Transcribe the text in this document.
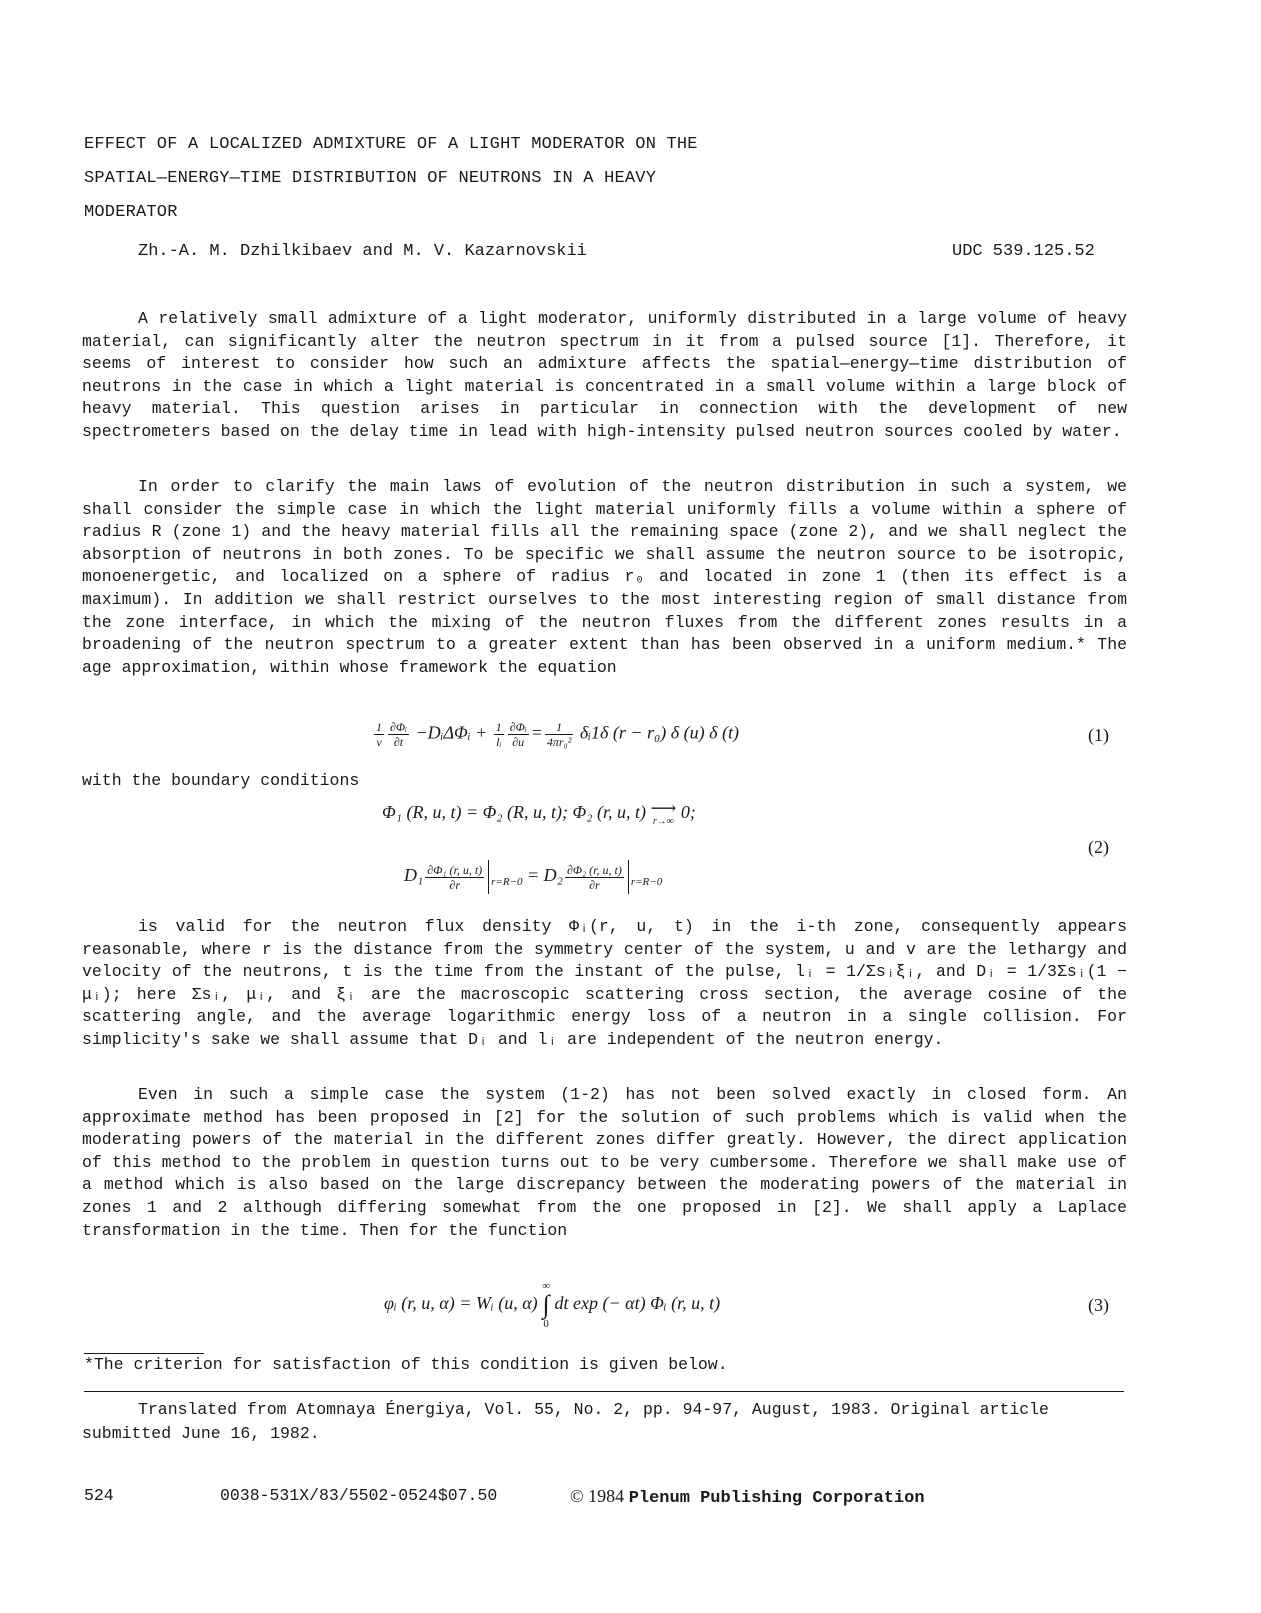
EFFECT OF A LOCALIZED ADMIXTURE OF A LIGHT MODERATOR ON THE
SPATIAL—ENERGY—TIME DISTRIBUTION OF NEUTRONS IN A HEAVY
MODERATOR
Zh.-A. M. Dzhilkibaev and M. V. Kazarnovskii	UDC 539.125.52
A relatively small admixture of a light moderator, uniformly distributed in a large volume of heavy material, can significantly alter the neutron spectrum in it from a pulsed source [1]. Therefore, it seems of interest to consider how such an admixture affects the spatial—energy—time distribution of neutrons in the case in which a light material is concentrated in a small volume within a large block of heavy material. This question arises in particular in connection with the development of new spectrometers based on the delay time in lead with high-intensity pulsed neutron sources cooled by water.
In order to clarify the main laws of evolution of the neutron distribution in such a system, we shall consider the simple case in which the light material uniformly fills a volume within a sphere of radius R (zone 1) and the heavy material fills all the remaining space (zone 2), and we shall neglect the absorption of neutrons in both zones. To be specific we shall assume the neutron source to be isotropic, monoenergetic, and localized on a sphere of radius r₀ and located in zone 1 (then its effect is a maximum). In addition we shall restrict ourselves to the most interesting region of small distance from the zone interface, in which the mixing of the neutron fluxes from the different zones results in a broadening of the neutron spectrum to a greater extent than has been observed in a uniform medium.* The age approximation, within whose framework the equation
$\frac{1}{v} \frac{\text{∂Φᵢ}}{\partial t}$ −DᵢΔΦᵢ + $\frac{1}{\text{lᵢ}} \frac{\text{∂Φᵢ}}{\partial u} = \frac{1}{\text{4πr₀²}}$ δᵢ1δ (r − r₀) δ (u) δ (t)	(1)
with the boundary conditions
Φ₁ (R, u, t) = Φ₂ (R, u, t); Φ₂ (r, u, t) ⟶
r→∞ 0;
(2)
$D_1 \frac{\text{∂Φ₁ (r, u, t)}}{\partial r} _{r=R-0} = D_2 \frac{\text{∂Φ₂ (r, u, t)}}{\partial r} _{r=R-0}$
is valid for the neutron flux density Φᵢ(r, u, t) in the i-th zone, consequently appears reasonable, where r is the distance from the symmetry center of the system, u and v are the lethargy and velocity of the neutrons, t is the time from the instant of the pulse, lᵢ = 1/Σsᵢξᵢ, and Dᵢ = 1/3Σsᵢ(1 − μᵢ); here Σsᵢ, μᵢ, and ξᵢ are the macroscopic scattering cross section, the average cosine of the scattering angle, and the average logarithmic energy loss of a neutron in a single collision. For simplicity's sake we shall assume that Dᵢ and lᵢ are independent of the neutron energy.
Even in such a simple case the system (1-2) has not been solved exactly in closed form. An approximate method has been proposed in [2] for the solution of such problems which is valid when the moderating powers of the material in the different zones differ greatly. However, the direct application of this method to the problem in question turns out to be very cumbersome. Therefore we shall make use of a method which is also based on the large discrepancy between the moderating powers of the material in zones 1 and 2 although differing somewhat from the one proposed in [2]. We shall apply a Laplace transformation in the time. Then for the function
φᵢ (r, u, α) = Wᵢ (u, α) ∞
∫
0 dt exp (− αt) Φᵢ (r, u, t)	(3)
*The criterion for satisfaction of this condition is given below.
Translated from Atomnaya Énergiya, Vol. 55, No. 2, pp. 94-97, August, 1983. Original article submitted June 16, 1982.
524	0038-531X/83/5502-0524$07.50	© 1984 Plenum Publishing Corporation
